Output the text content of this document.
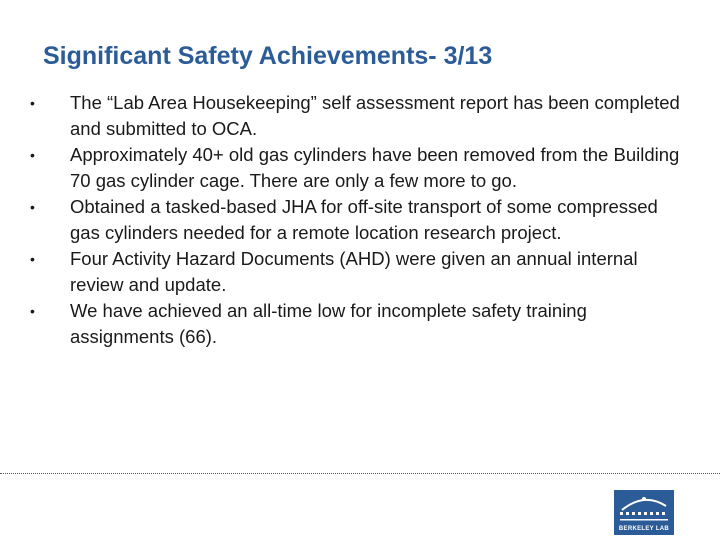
Significant Safety Achievements- 3/13
•	The “Lab Area Housekeeping” self assessment report has been completed and submitted to OCA.
•	Approximately 40+ old gas cylinders have been removed from the Building 70 gas cylinder cage. There are only a few more to go.
•	Obtained a tasked-based JHA for off-site transport of some compressed gas cylinders needed for a remote location research project.
•	Four Activity Hazard Documents (AHD) were given an annual internal review and update.
•	We have achieved an all-time low for incomplete safety training assignments (66).
BERKELEY LAB
